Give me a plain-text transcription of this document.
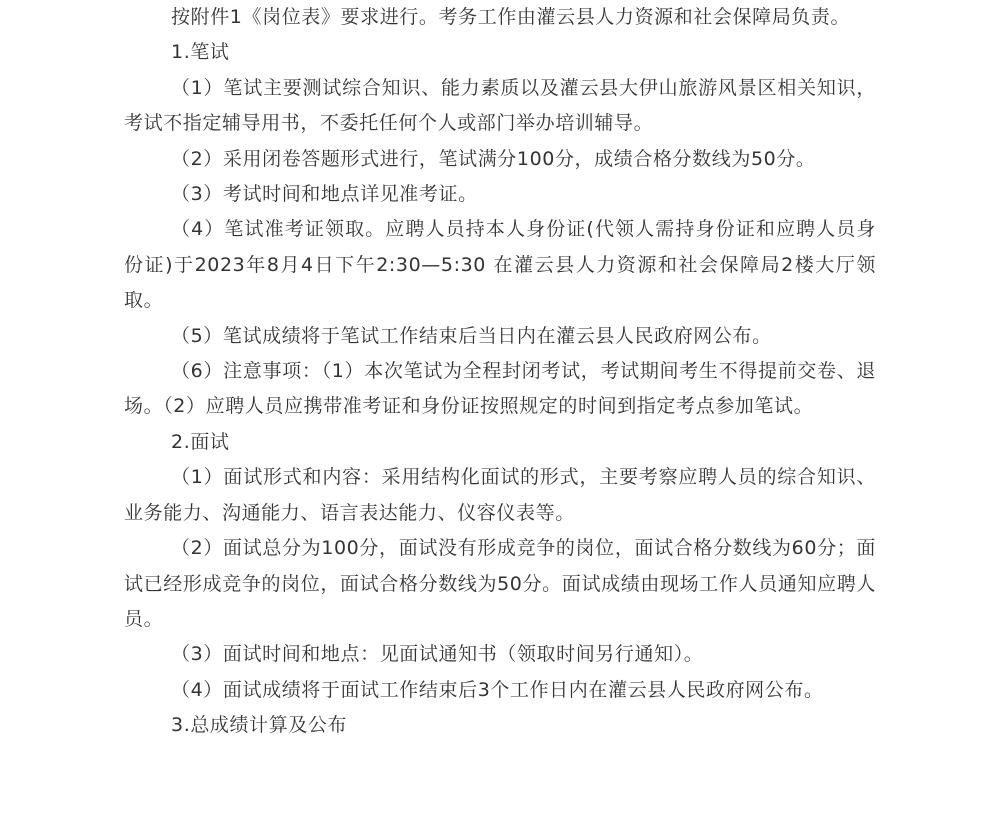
按附件1《岗位表》要求进行。考务工作由灌云县人力资源和社会保障局负责。

1.笔试

（1）笔试主要测试综合知识、能力素质以及灌云县大伊山旅游风景区相关知识，考试不指定辅导用书，不委托任何个人或部门举办培训辅导。

（2）采用闭卷答题形式进行，笔试满分100分，成绩合格分数线为50分。

（3）考试时间和地点详见准考证。

（4）笔试准考证领取。应聘人员持本人身份证(代领人需持身份证和应聘人员身份证)于2023年8月4日下午2:30—5:30 在灌云县人力资源和社会保障局2楼大厅领取。

（5）笔试成绩将于笔试工作结束后当日内在灌云县人民政府网公布。

（6）注意事项：（1）本次笔试为全程封闭考试，考试期间考生不得提前交卷、退场。（2）应聘人员应携带准考证和身份证按照规定的时间到指定考点参加笔试。

2.面试

（1）面试形式和内容：采用结构化面试的形式，主要考察应聘人员的综合知识、业务能力、沟通能力、语言表达能力、仪容仪表等。

（2）面试总分为100分，面试没有形成竞争的岗位，面试合格分数线为60分；面试已经形成竞争的岗位，面试合格分数线为50分。面试成绩由现场工作人员通知应聘人员。

（3）面试时间和地点：见面试通知书（领取时间另行通知）。

（4）面试成绩将于面试工作结束后3个工作日内在灌云县人民政府网公布。

3.总成绩计算及公布
